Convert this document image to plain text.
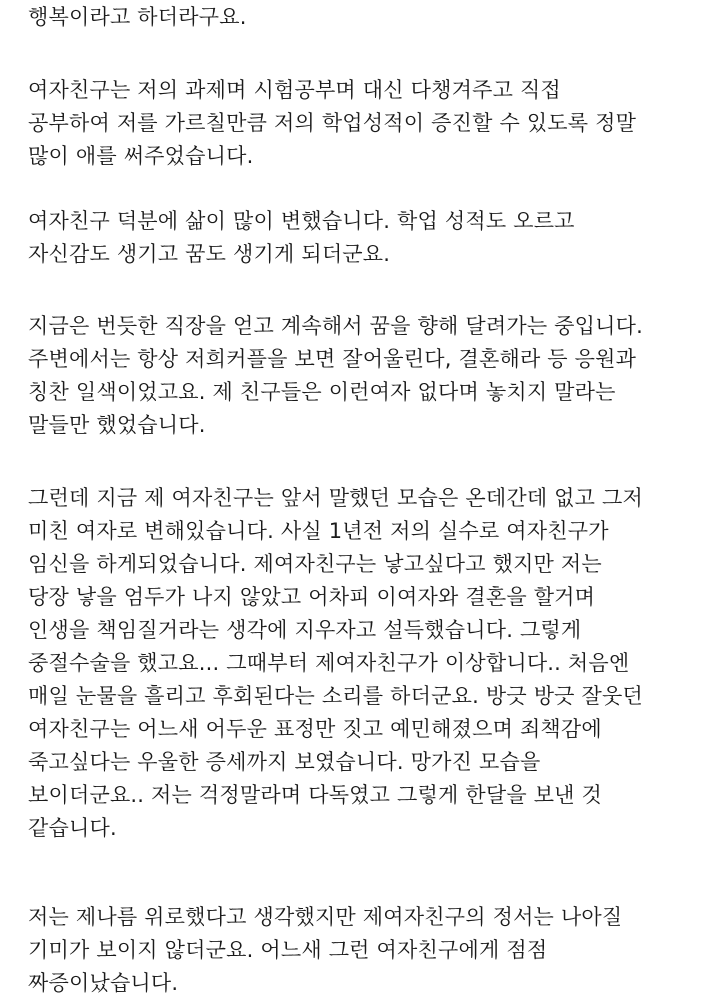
행복이라고 하더라구요.
여자친구는 저의 과제며 시험공부며 대신 다챙겨주고 직접
공부하여 저를 가르칠만큼 저의 학업성적이 증진할 수 있도록 정말
많이 애를 써주었습니다.
여자친구 덕분에 삶이 많이 변했습니다. 학업 성적도 오르고
자신감도 생기고 꿈도 생기게 되더군요.
지금은 번듯한 직장을 얻고 계속해서 꿈을 향해 달려가는 중입니다.
주변에서는 항상 저희커플을 보면 잘어울린다, 결혼해라 등 응원과
칭찬 일색이었고요. 제 친구들은 이런여자 없다며 놓치지 말라는
말들만 했었습니다.
그런데 지금 제 여자친구는 앞서 말했던 모습은 온데간데 없고 그저
미친 여자로 변해있습니다. 사실 1년전 저의 실수로 여자친구가
임신을 하게되었습니다. 제여자친구는 낳고싶다고 했지만 저는
당장 낳을 엄두가 나지 않았고 어차피 이여자와 결혼을 할거며
인생을 책임질거라는 생각에 지우자고 설득했습니다. 그렇게
중절수술을 했고요... 그때부터 제여자친구가 이상합니다.. 처음엔
매일 눈물을 흘리고 후회된다는 소리를 하더군요. 방긋 방긋 잘웃던
여자친구는 어느새 어두운 표정만 짓고 예민해졌으며 죄책감에
죽고싶다는 우울한 증세까지 보였습니다. 망가진 모습을
보이더군요.. 저는 걱정말라며 다독였고 그렇게 한달을 보낸 것
같습니다.
저는 제나름 위로했다고 생각했지만 제여자친구의 정서는 나아질
기미가 보이지 않더군요. 어느새 그런 여자친구에게 점점
짜증이났습니다.
